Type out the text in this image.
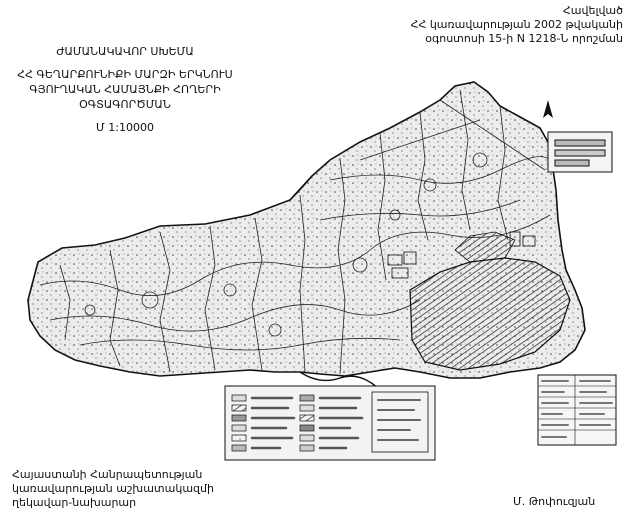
Հավելված
ՀՀ կառավարության 2002 թվականի
օգոստոսի 15-ի N 1218-Ն որոշման
ԺԱՄԱՆԱԿԱՎՈՐ ՍԽԵՄԱ
ՀՀ ԳԵՂԱՐՔՈՒՆԻՔԻ ՄԱՐԶԻ ԵՐԿՆՈՒՍ
ԳՅՈՒՂԱԿԱՆ ՀԱՄԱՅՆՔԻ ՀՈՂԵՐԻ
ՕԳՏԱԳՈՐԾՄԱՆ
Մ 1:10000
Հայաստանի Հանրապետության
կառավարության աշխատակազմի
ղեկավար-նախարար	Մ. Թոփուզյան
